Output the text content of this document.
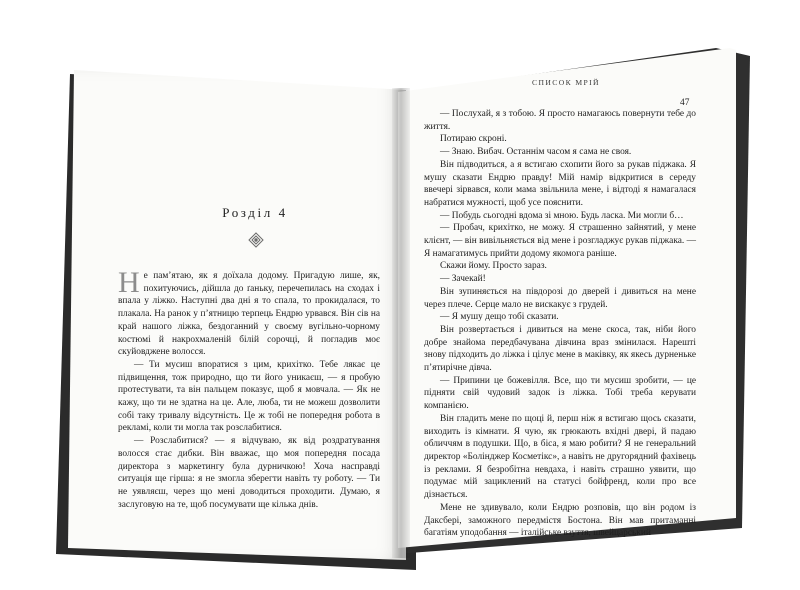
Розділ 4

Не пам’ятаю, як я доїхала додому. Пригадую лише, як, похитуючись, дійшла до ґаньку, перечепилась на сходах і впала у ліжко. Наступні два дні я то спала, то прокидалася, то плакала. На ранок у п’ятницю терпець Ендрю урвався. Він сів на край нашого ліжка, бездоганний у своєму вугільно-чорному костюмі й накрохмаленій білій сорочці, й погладив моє скуйовджене волосся.

— Ти мусиш впоратися з цим, крихітко. Тебе лякає це підвищення, тож природно, що ти його уникаєш, — я пробую протестувати, та він пальцем показує, щоб я мовчала. — Як не кажу, що ти не здатна на це. Але, люба, ти не можеш дозволити собі таку тривалу відсутність. Це ж тобі не попередня робота в рекламі, коли ти могла так розслабитися.

— Розслабитися? — я відчуваю, як від роздратування волосся стає дибки. Він вважає, що моя попередня посада директора з маркетингу була дурничкою! Хоча насправді ситуація ще гірша: я не змогла зберегти навіть ту роботу. — Ти не уявляєш, через що мені доводиться проходити. Думаю, я заслуговую на те, щоб посумувати ще кілька днів.

СПИСОК МРІЙ
47

— Послухай, я з тобою. Я просто намагаюсь повернути тебе до життя.

Потираю скроні.

— Знаю. Вибач. Останнім часом я сама не своя.

Він підводиться, а я встигаю схопити його за рукав піджака. Я мушу сказати Ендрю правду! Мій намір відкритися в середу ввечері зірвався, коли мама звільнила мене, і відтоді я намагалася набратися мужності, щоб усе пояснити.

— Побудь сьогодні вдома зі мною. Будь ласка. Ми могли б…

— Пробач, крихітко, не можу. Я страшенно зайнятий, у мене клієнт, — він вивільняється від мене і розгладжує рукав піджака. — Я намагатимусь прийти додому якомога раніше.

Скажи йому. Просто зараз.

— Зачекай!

Він зупиняється на півдорозі до дверей і дивиться на мене через плече. Серце мало не вискакує з грудей.

— Я мушу дещо тобі сказати.

Він розвертається і дивиться на мене скоса, так, ніби його добре знайома передбачувана дівчина враз змінилася. Нарешті знову підходить до ліжка і цілує мене в маківку, як якесь дурненьке п’ятирічне дівча.

— Припини це божевілля. Все, що ти мусиш зробити, — це підняти свій чудовий задок із ліжка. Тобі треба керувати компанією.

Він гладить мене по щоці й, перш ніж я встигаю щось сказати, виходить із кімнати. Я чую, як грюкають вхідні двері, й падаю обличчям в подушки. Що, в біса, я маю робити? Я не генеральний директор «Болінджер Косметікс», а навіть не другорядний фахівець із реклами. Я безробітна невдаха, і навіть страшно уявити, що подумає мій зациклений на статусі бойфренд, коли про все дізнається.

Мене не здивувало, коли Ендрю розповів, що він родом із Даксбері, заможного передмістя Бостона. Він мав притаманні багатіям уподобання — італійське взуття, швейцарський
